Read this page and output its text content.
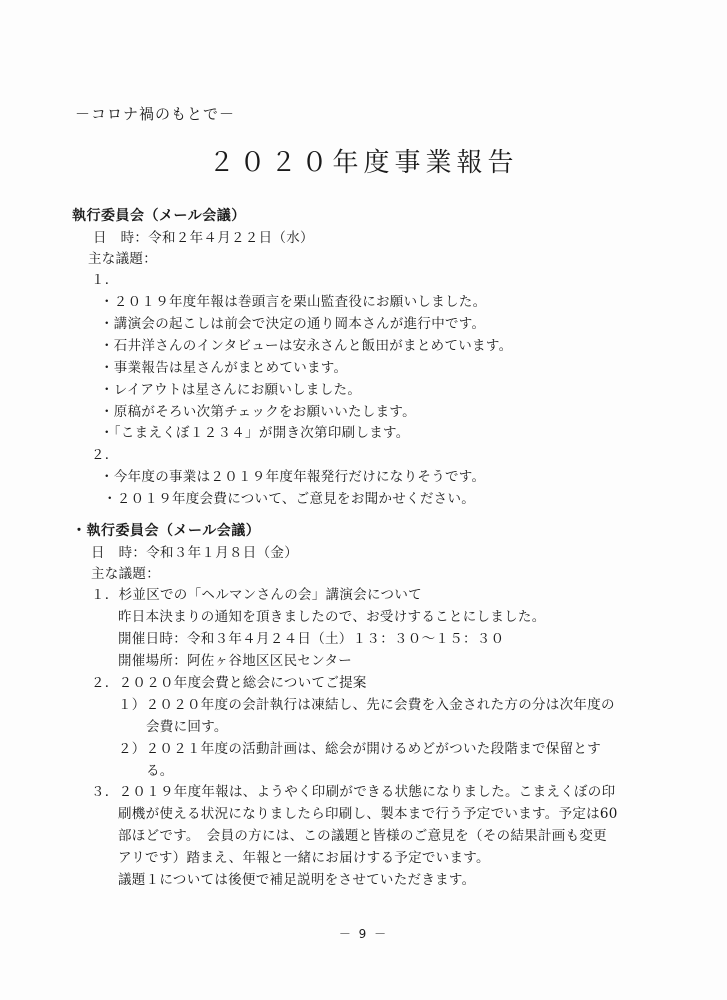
－コロナ禍のもとで－
２０２０年度事業報告
執行委員会（メール会議）
日　時：令和２年４月２２日（水）
主な議題：
１．
・２０１９年度年報は巻頭言を栗山監査役にお願いしました。
・講演会の起こしは前会で決定の通り岡本さんが進行中です。
・石井洋さんのインタビューは安永さんと飯田がまとめています。
・事業報告は星さんがまとめています。
・レイアウトは星さんにお願いしました。
・原稿がそろい次第チェックをお願いいたします。
・「こまえくぼ１２３４」が開き次第印刷します。
２．
・今年度の事業は２０１９年度年報発行だけになりそうです。
・２０１９年度会費について、ご意見をお聞かせください。
・執行委員会（メール会議）
日　時：令和３年１月８日（金）
主な議題：
１．杉並区での「ヘルマンさんの会」講演会について
昨日本決まりの通知を頂きましたので、お受けすることにしました。
開催日時：令和３年４月２４日（土）１３：３０～１５：３０
開催場所：阿佐ヶ谷地区区民センター
２．２０２０年度会費と総会についてご提案
１）２０２０年度の会計執行は凍結し、先に会費を入金された方の分は次年度の
会費に回す。
２）２０２１年度の活動計画は、総会が開けるめどがついた段階まで保留とす
る。
３．２０１９年度年報は、ようやく印刷ができる状態になりました。こまえくぼの印
刷機が使える状況になりましたら印刷し、製本まで行う予定でいます。予定は60
部ほどです。　会員の方には、この議題と皆様のご意見を（その結果計画も変更
アリです）踏まえ、年報と一緒にお届けする予定でいます。
議題１については後便で補足説明をさせていただきます。
－ 9 －
